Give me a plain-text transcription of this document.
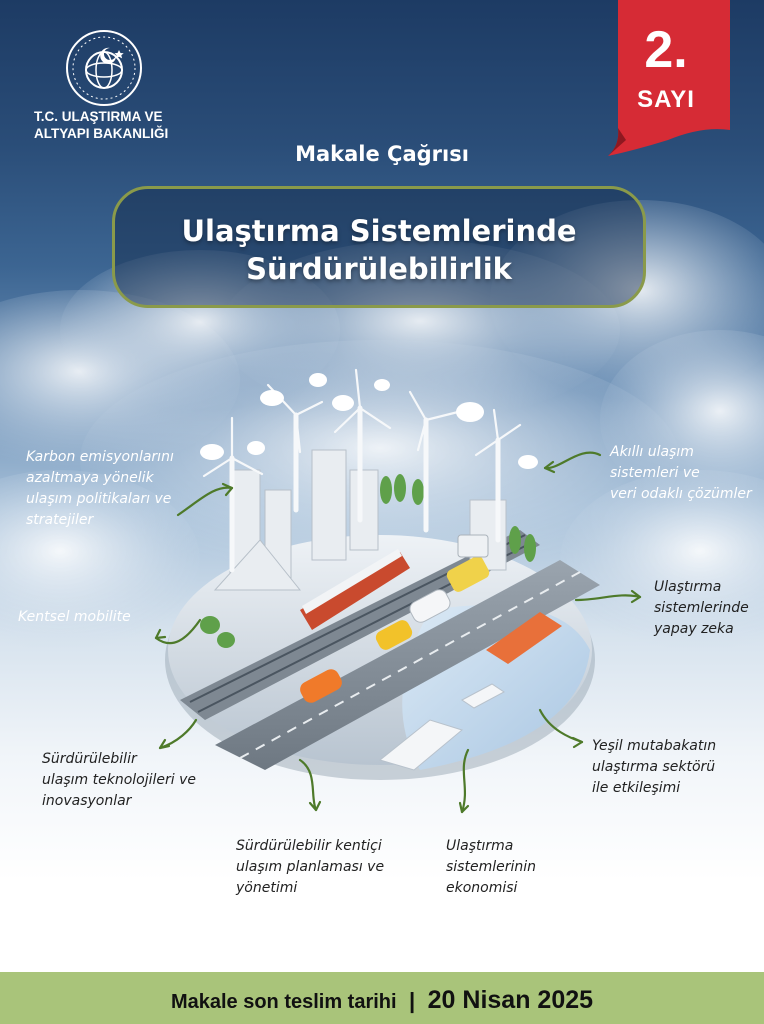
T.C. ULAŞTIRMA VE
ALTYAPI BAKANLIĞI
2.
SAYI
Makale Çağrısı
Ulaştırma Sistemlerinde
Sürdürülebilirlik
Karbon emisyonlarını
azaltmaya yönelik
ulaşım politikaları ve
stratejiler
Akıllı ulaşım
sistemleri ve
veri odaklı çözümler
Kentsel mobilite
Ulaştırma
sistemlerinde
yapay zeka
Sürdürülebilir
ulaşım teknolojileri ve
inovasyonlar
Yeşil mutabakatın
ulaştırma sektörü
ile etkileşimi
Sürdürülebilir kentiçi
ulaşım planlaması ve
yönetimi
Ulaştırma
sistemlerinin
ekonomisi
Makale son teslim tarihi | 20 Nisan 2025
